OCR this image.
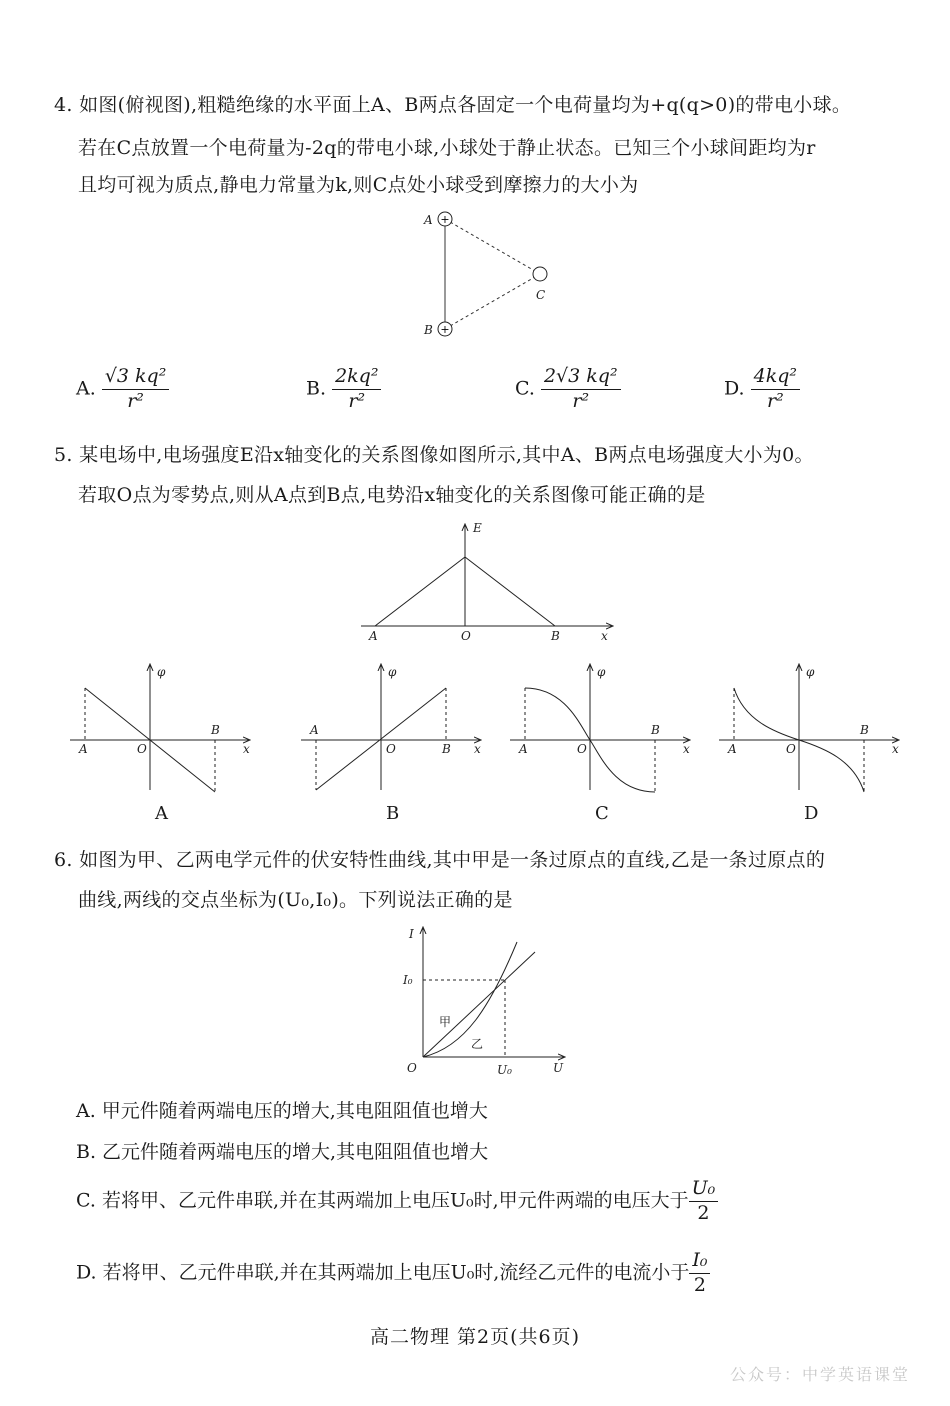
4. 如图(俯视图),粗糙绝缘的水平面上A、B两点各固定一个电荷量均为+q(q>0)的带电小球。
若在C点放置一个电荷量为-2q的带电小球,小球处于静止状态。已知三个小球间距均为r
且均可视为质点,静电力常量为k,则C点处小球受到摩擦力的大小为
+
+
A
B
C
A. $\frac{\text{√3 kq²}}{\text{r²}}$	B. $\frac{\text{2kq²}}{\text{r²}}$	C. $\frac{\text{2√3 kq²}}{\text{r²}}$	D. $\frac{\text{4kq²}}{\text{r²}}$
5. 某电场中,电场强度E沿x轴变化的关系图像如图所示,其中A、B两点电场强度大小为0。
若取O点为零势点,则从A点到B点,电势沿x轴变化的关系图像可能正确的是
E
A	O	B	x
φ
A	O
B
x
A
φ
A
O	B x
B
φ
A	O
B
x
C
φ
A	O
B
x
D
6. 如图为甲、乙两电学元件的伏安特性曲线,其中甲是一条过原点的直线,乙是一条过原点的
曲线,两线的交点坐标为(U₀,I₀)。下列说法正确的是
I
U
O
I₀
U₀
甲
乙
A. 甲元件随着两端电压的增大,其电阻阻值也增大
B. 乙元件随着两端电压的增大,其电阻阻值也增大
C. 若将甲、乙元件串联,并在其两端加上电压U₀时,甲元件两端的电压大于 $\frac{\text{U₀}}{2}$
D. 若将甲、乙元件串联,并在其两端加上电压U₀时,流经乙元件的电流小于 $\frac{\text{I₀}}{2}$
高二物理 第2页(共6页)
公众号：中学英语课堂
